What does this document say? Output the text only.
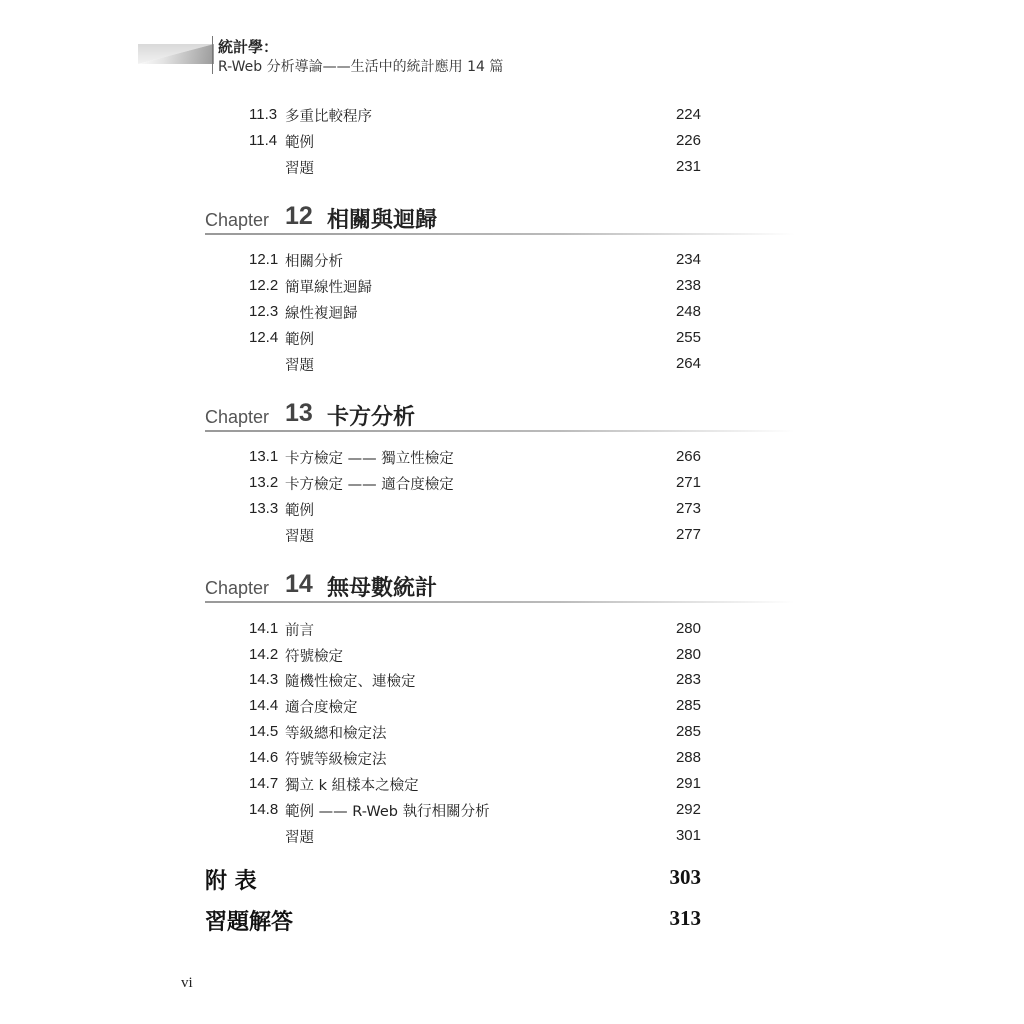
統計學：
R-Web 分析導論——生活中的統計應用 14 篇
11.3 多重比較程序	224
11.4 範例	226
習題	231
Chapter 12 相關與迴歸
12.1 相關分析	234
12.2 簡單線性迴歸	238
12.3 線性複迴歸	248
12.4 範例	255
習題	264
Chapter 13 卡方分析
13.1 卡方檢定 —— 獨立性檢定	266
13.2 卡方檢定 —— 適合度檢定	271
13.3 範例	273
習題	277
Chapter 14 無母數統計
14.1 前言	280
14.2 符號檢定	280
14.3 隨機性檢定、連檢定	283
14.4 適合度檢定	285
14.5 等級總和檢定法	285
14.6 符號等級檢定法	288
14.7 獨立 k 組樣本之檢定	291
14.8 範例 —— R-Web 執行相關分析	292
習題	301
附 表	303
習題解答	313
vi
